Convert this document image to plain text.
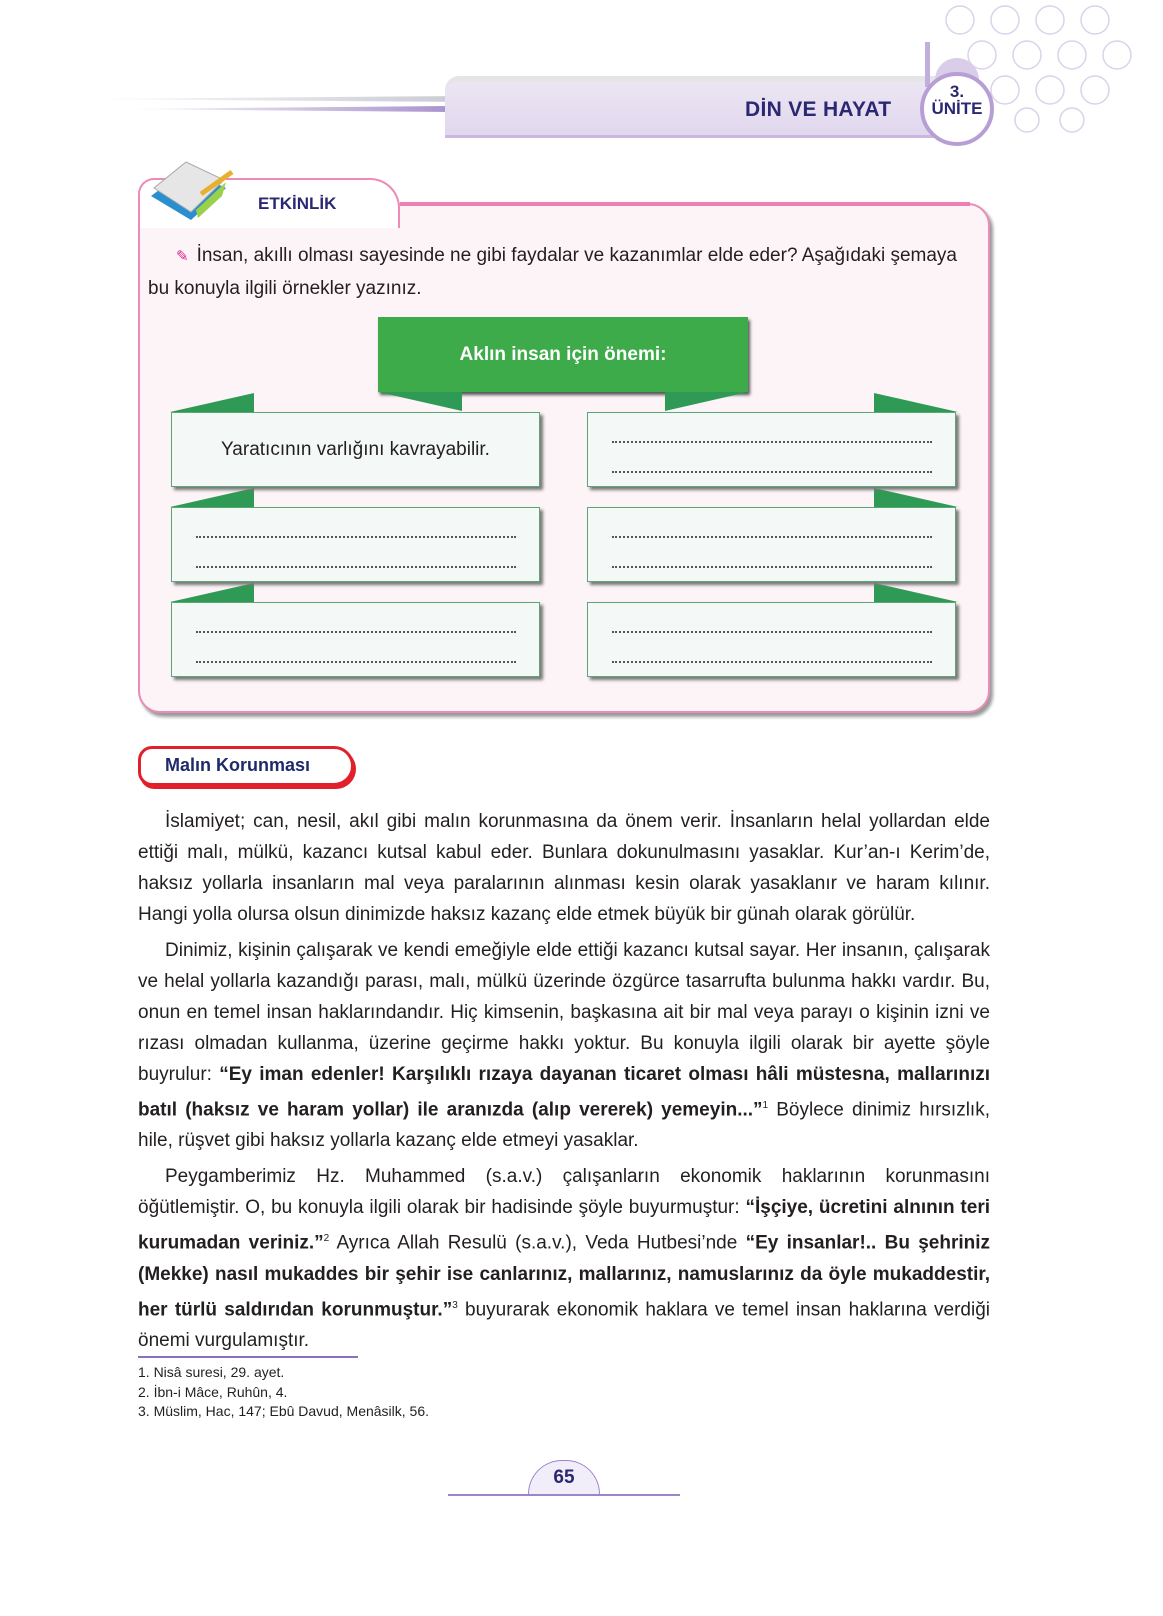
DİN VE HAYAT
3.
ÜNİTE
ETKİNLİK
✎ İnsan, akıllı olması sayesinde ne gibi faydalar ve kazanımlar elde eder? Aşağıdaki şemaya bu konuyla ilgili örnekler yazınız.
Aklın insan için önemi:
Yaratıcının varlığını kavrayabilir.
Malın Korunması

İslamiyet; can, nesil, akıl gibi malın korunmasına da önem verir. İnsanların helal yollardan elde ettiği malı, mülkü, kazancı kutsal kabul eder. Bunlara dokunulmasını yasaklar. Kur’an-ı Kerim’de, haksız yollarla insanların mal veya paralarının alınması kesin olarak yasaklanır ve haram kılınır. Hangi yolla olursa olsun dinimizde haksız kazanç elde etmek büyük bir günah olarak görülür.

Dinimiz, kişinin çalışarak ve kendi emeğiyle elde ettiği kazancı kutsal sayar. Her insanın, çalışarak ve helal yollarla kazandığı parası, malı, mülkü üzerinde özgürce tasarrufta bulunma hakkı vardır. Bu, onun en temel insan haklarındandır. Hiç kimsenin, başkasına ait bir mal veya parayı o kişinin izni ve rızası olmadan kullanma, üzerine geçirme hakkı yoktur. Bu konuyla ilgili olarak bir ayette şöyle buyrulur: “Ey iman edenler! Karşılıklı rızaya dayanan ticaret olması hâli müstesna, mallarınızı batıl (haksız ve haram yollar) ile aranızda (alıp vererek) yemeyin...”$^1$ Böylece dinimiz hırsızlık, hile, rüşvet gibi haksız yollarla kazanç elde etmeyi yasaklar.

Peygamberimiz Hz. Muhammed (s.a.v.) çalışanların ekonomik haklarının korunmasını öğütlemiştir. O, bu konuyla ilgili olarak bir hadisinde şöyle buyurmuştur: “İşçiye, ücretini alnının teri kurumadan veriniz.”$^2$ Ayrıca Allah Resulü (s.a.v.), Veda Hutbesi’nde “Ey insanlar!.. Bu şehriniz (Mekke) nasıl mukaddes bir şehir ise canlarınız, mallarınız, namuslarınız da öyle mukaddestir, her türlü saldırıdan korunmuştur.”$^3$ buyurarak ekonomik haklara ve temel insan haklarına verdiği önemi vurgulamıştır.

1. Nisâ suresi, 29. ayet.
2. İbn-i Mâce, Ruhûn, 4.
3. Müslim, Hac, 147; Ebû Davud, Menâsilk, 56.
65
